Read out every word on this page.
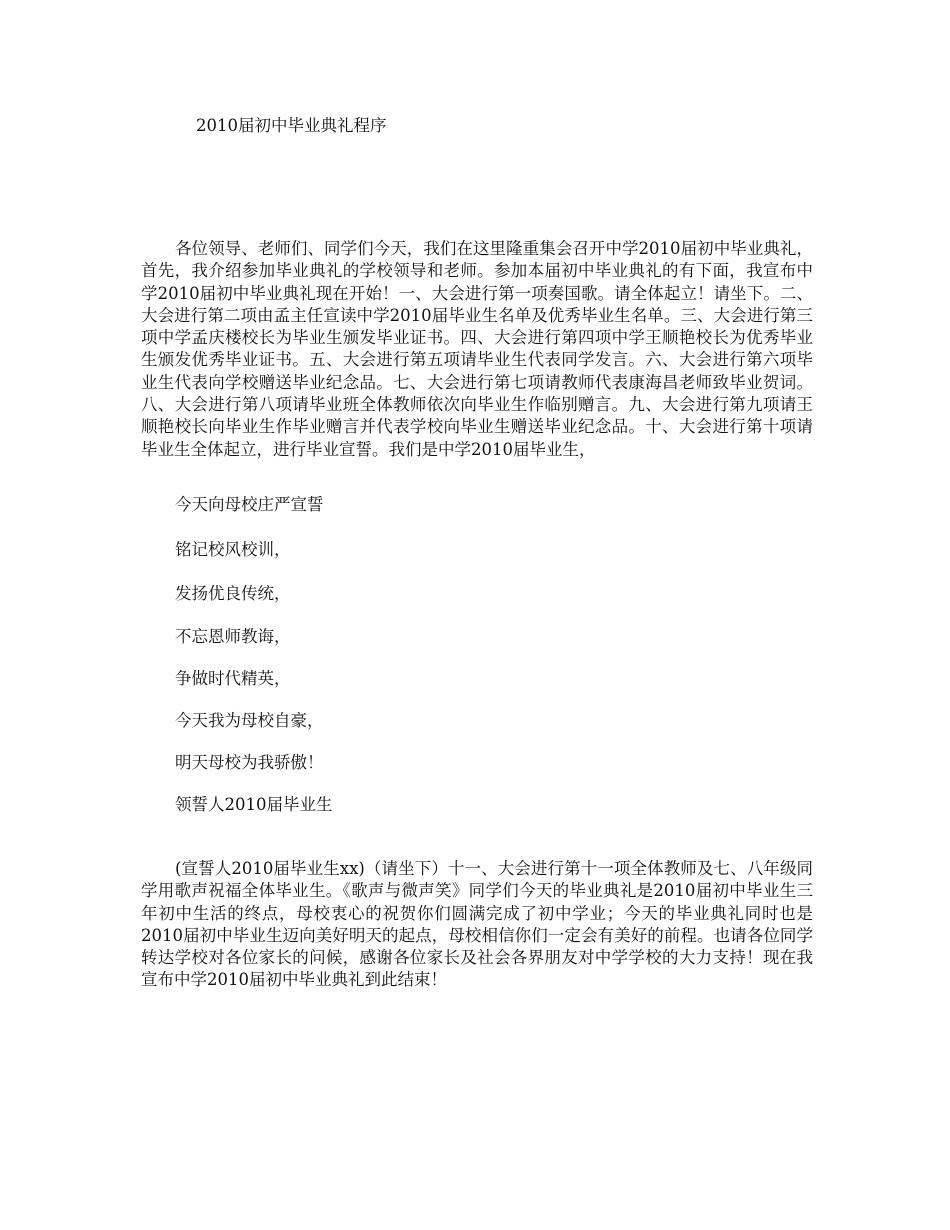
2010届初中毕业典礼程序

各位领导、老师们、同学们今天，我们在这里隆重集会召开中学2010届初中毕业典礼，首先，我介绍参加毕业典礼的学校领导和老师。参加本届初中毕业典礼的有下面，我宣布中学2010届初中毕业典礼现在开始！一、大会进行第一项奏国歌。请全体起立！请坐下。二、大会进行第二项由孟主任宣读中学2010届毕业生名单及优秀毕业生名单。三、大会进行第三项中学孟庆楼校长为毕业生颁发毕业证书。四、大会进行第四项中学王顺艳校长为优秀毕业生颁发优秀毕业证书。五、大会进行第五项请毕业生代表同学发言。六、大会进行第六项毕业生代表向学校赠送毕业纪念品。七、大会进行第七项请教师代表康海昌老师致毕业贺词。八、大会进行第八项请毕业班全体教师依次向毕业生作临别赠言。九、大会进行第九项请王顺艳校长向毕业生作毕业赠言并代表学校向毕业生赠送毕业纪念品。十、大会进行第十项请毕业生全体起立，进行毕业宣誓。我们是中学2010届毕业生，

今天向母校庄严宣誓

铭记校风校训，

发扬优良传统，

不忘恩师教诲，

争做时代精英，

今天我为母校自豪，

明天母校为我骄傲！

领誓人2010届毕业生

(宣誓人2010届毕业生xx)（请坐下）十一、大会进行第十一项全体教师及七、八年级同学用歌声祝福全体毕业生。《歌声与微声笑》同学们今天的毕业典礼是2010届初中毕业生三年初中生活的终点，母校衷心的祝贺你们圆满完成了初中学业；今天的毕业典礼同时也是2010届初中毕业生迈向美好明天的起点，母校相信你们一定会有美好的前程。也请各位同学转达学校对各位家长的问候，感谢各位家长及社会各界朋友对中学学校的大力支持！现在我宣布中学2010届初中毕业典礼到此结束！
